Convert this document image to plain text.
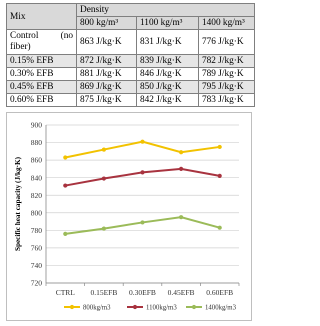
Mix	Density		
	800 kg/m³	1100 kg/m³	1400 kg/m³

Control (no
fiber)	863 J/kg·K	831 J/kg·K	776 J/kg·K
0.15% EFB	872 J/kg·K	839 J/kg·K	782 J/kg·K
0.30% EFB	881 J/kg·K	846 J/kg·K	789 J/kg·K
0.45% EFB	869 J/kg·K	850 J/kg·K	795 J/kg·K
0.60% EFB	875 J/kg·K	842 J/kg·K	783 J/kg·K
720
740
760
780
800
820
840
860
880
900
CTRL 0.15EFB 0.30EFB 0.45EFB 0.60EFB
Specific heat capacity (J/kg·K)
800kg/m3	1100kg/m3	1400kg/m3
